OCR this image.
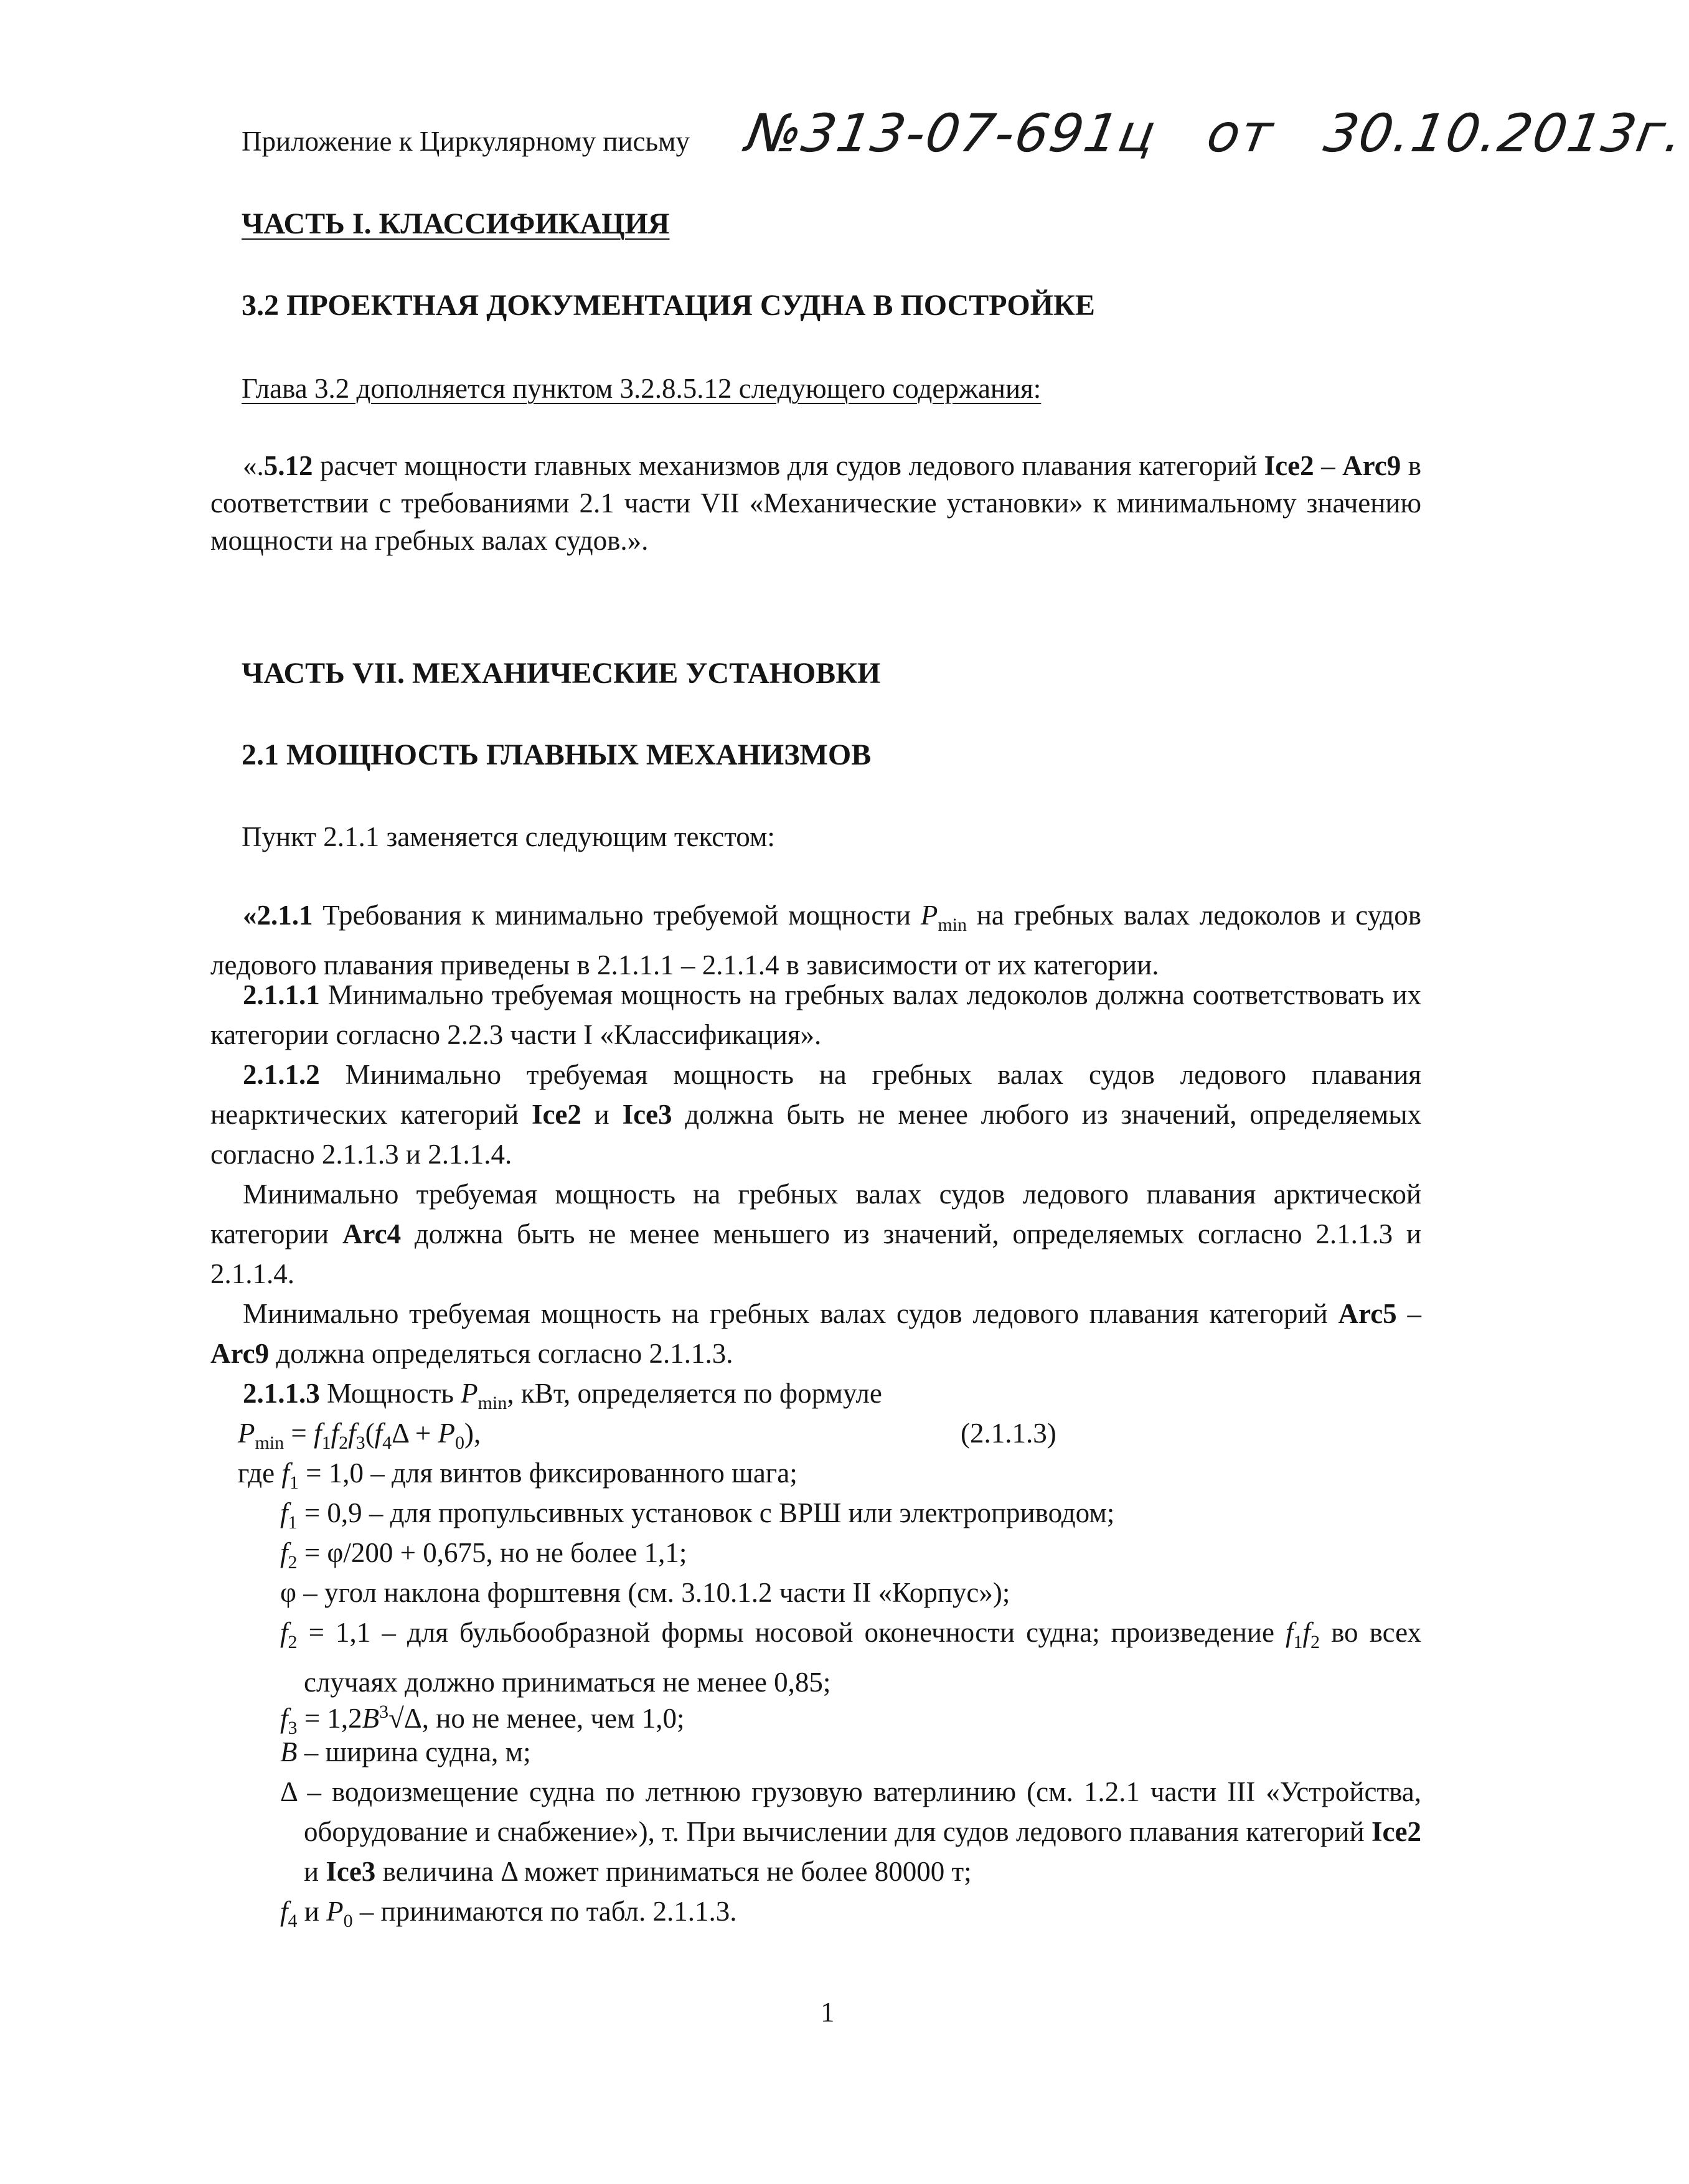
Приложение к Циркулярному письму №313-07-691ц от 30.10.2013г.

ЧАСТЬ I. КЛАССИФИКАЦИЯ

3.2 ПРОЕКТНАЯ ДОКУМЕНТАЦИЯ СУДНА В ПОСТРОЙКЕ

Глава 3.2 дополняется пунктом 3.2.8.5.12 следующего содержания:

«.5.12 расчет мощности главных механизмов для судов ледового плавания категорий Ice2 – Arc9 в соответствии с требованиями 2.1 части VII «Механические установки» к минимальному значению мощности на гребных валах судов.».

ЧАСТЬ VII. МЕХАНИЧЕСКИЕ УСТАНОВКИ

2.1 МОЩНОСТЬ ГЛАВНЫХ МЕХАНИЗМОВ

Пункт 2.1.1 заменяется следующим текстом:

«2.1.1 Требования к минимально требуемой мощности $P_{min}$ на гребных валах ледоколов и судов ледового плавания приведены в 2.1.1.1 – 2.1.1.4 в зависимости от их категории.

2.1.1.1 Минимально требуемая мощность на гребных валах ледоколов должна соответствовать их категории согласно 2.2.3 части I «Классификация».

2.1.1.2 Минимально требуемая мощность на гребных валах судов ледового плавания неарктических категорий Ice2 и Ice3 должна быть не менее любого из значений, определяемых согласно 2.1.1.3 и 2.1.1.4.

Минимально требуемая мощность на гребных валах судов ледового плавания арктической категории Arc4 должна быть не менее меньшего из значений, определяемых согласно 2.1.1.3 и 2.1.1.4.

Минимально требуемая мощность на гребных валах судов ледового плавания категорий Arc5 – Arc9 должна определяться согласно 2.1.1.3.

2.1.1.3 Мощность $P_{min}$, кВт, определяется по формуле

$P_{min} = f_1f_2f_3(f_4\Delta + P_0)$,	(2.1.1.3)

где $f_1 = 1,0$ – для винтов фиксированного шага;

$f_1 = 0,9$ – для пропульсивных установок с ВРШ или электроприводом;

$f_2 = \varphi/200 + 0,675$, но не более 1,1;

φ – угол наклона форштевня (см. 3.10.1.2 части II «Корпус»);

$f_2 = 1,1$ – для бульбообразной формы носовой оконечности судна; произведение $f_1f_2$ во всех случаях должно приниматься не менее 0,85;

$f_3 = 1,2B^3√\Delta$, но не менее, чем 1,0;

B – ширина судна, м;

Δ – водоизмещение судна по летнюю грузовую ватерлинию (см. 1.2.1 части III «Устройства, оборудование и снабжение»), т. При вычислении для судов ледового плавания категорий Ice2 и Ice3 величина Δ может приниматься не более 80000 т;

$f_4$ и $P_0$ – принимаются по табл. 2.1.1.3.

1
